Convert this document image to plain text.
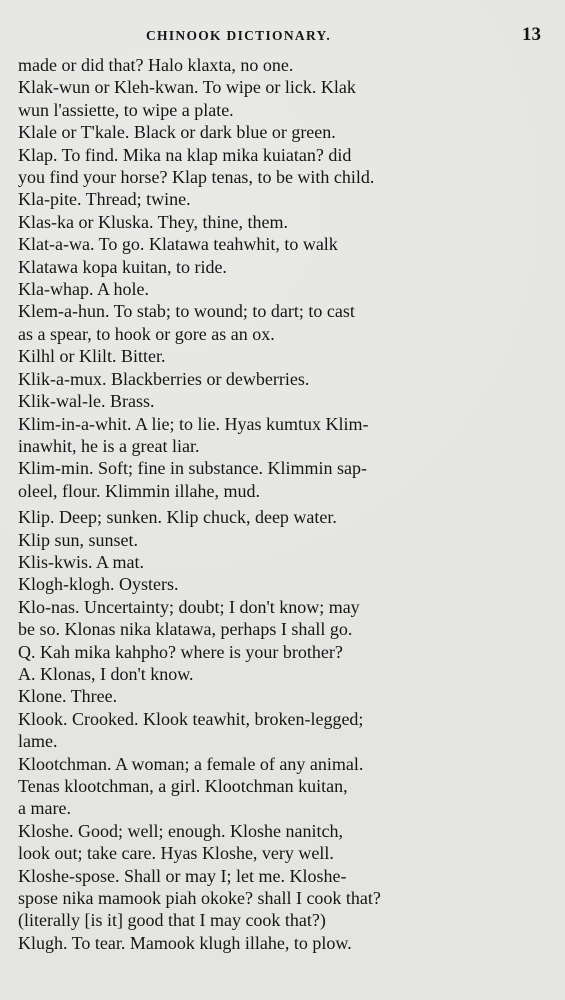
CHINOOK DICTIONARY.	13
made or did that? Halo klaxta, no one.
Klak-wun or Kleh-kwan. To wipe or lick. Klak
wun l'assiette, to wipe a plate.
Klale or T'kale. Black or dark blue or green.
Klap. To find. Mika na klap mika kuiatan? did
you find your horse? Klap tenas, to be with child.
Kla-pite. Thread; twine.
Klas-ka or Kluska. They, thine, them.
Klat-a-wa. To go. Klatawa teahwhit, to walk
Klatawa kopa kuitan, to ride.
Kla-whap. A hole.
Klem-a-hun. To stab; to wound; to dart; to cast
as a spear, to hook or gore as an ox.
Kilhl or Klilt. Bitter.
Klik-a-mux. Blackberries or dewberries.
Klik-wal-le. Brass.
Klim-in-a-whit. A lie; to lie. Hyas kumtux Klim-
inawhit, he is a great liar.
Klim-min. Soft; fine in substance. Klimmin sap-
oleel, flour. Klimmin illahe, mud.
Klip. Deep; sunken. Klip chuck, deep water.
Klip sun, sunset.
Klis-kwis. A mat.
Klogh-klogh. Oysters.
Klo-nas. Uncertainty; doubt; I don't know; may
be so. Klonas nika klatawa, perhaps I shall go.
Q. Kah mika kahpho? where is your brother?
A. Klonas, I don't know.
Klone. Three.
Klook. Crooked. Klook teawhit, broken-legged;
lame.
Klootchman. A woman; a female of any animal.
Tenas klootchman, a girl. Klootchman kuitan,
a mare.
Kloshe. Good; well; enough. Kloshe nanitch,
look out; take care. Hyas Kloshe, very well.
Kloshe-spose. Shall or may I; let me. Kloshe-
spose nika mamook piah okoke? shall I cook that?
(literally [is it] good that I may cook that?)
Klugh. To tear. Mamook klugh illahe, to plow.
